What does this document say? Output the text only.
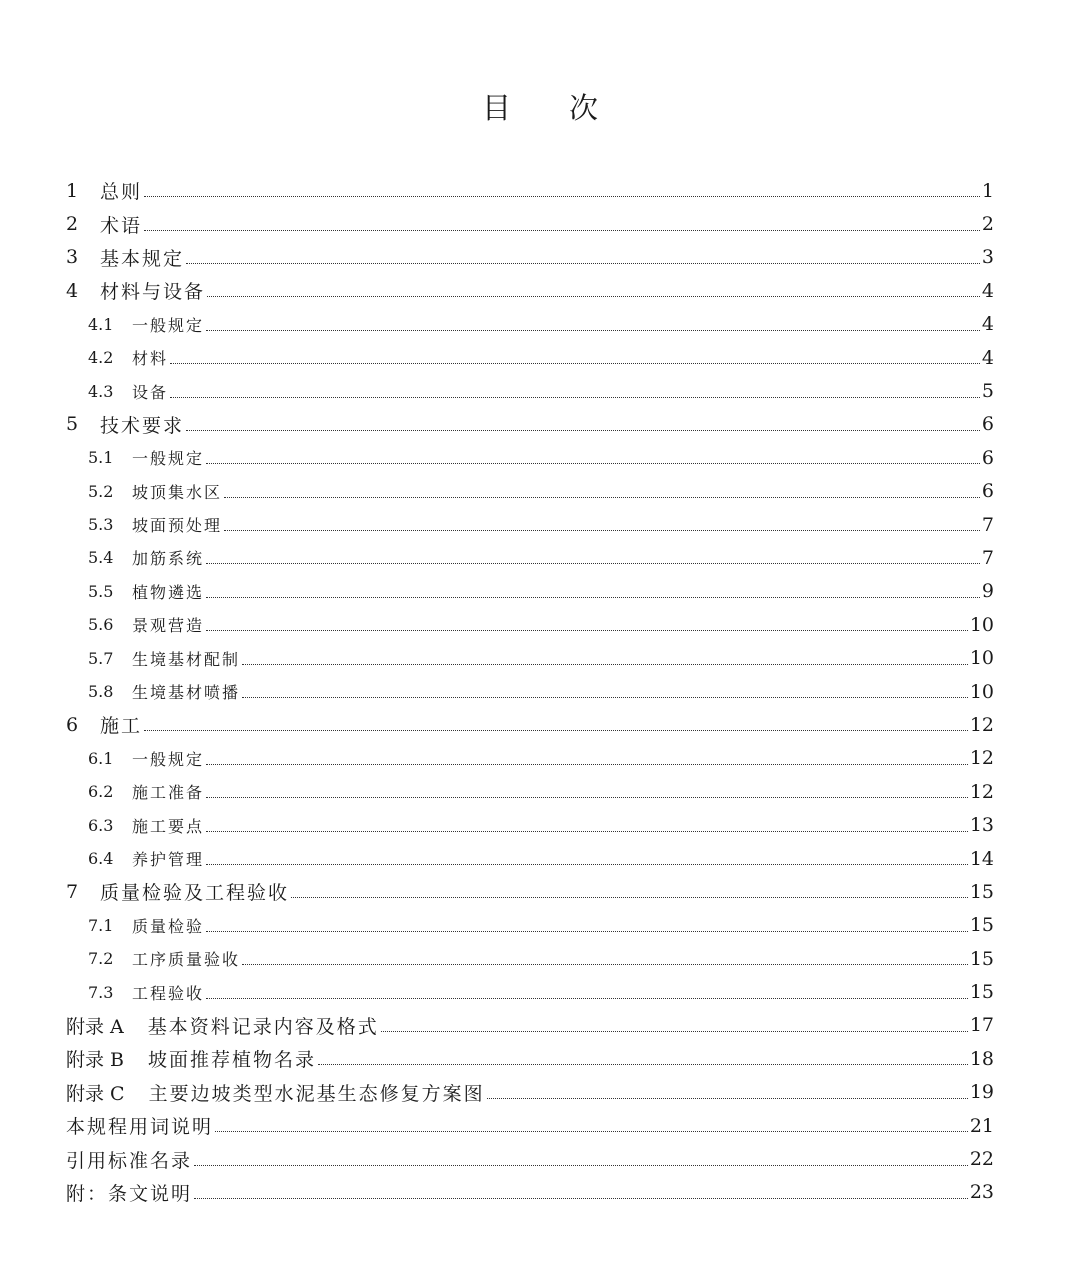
目 次
1	总则	1
2	术语	2
3	基本规定	3
4	材料与设备	4
4.1	一般规定	4
4.2	材料	4
4.3	设备	5
5	技术要求	6
5.1	一般规定	6
5.2	坡顶集水区	6
5.3	坡面预处理	7
5.4	加筋系统	7
5.5	植物遴选	9
5.6	景观营造	10
5.7	生境基材配制	10
5.8	生境基材喷播	10
6	施工	12
6.1	一般规定	12
6.2	施工准备	12
6.3	施工要点	13
6.4	养护管理	14
7	质量检验及工程验收	15
7.1	质量检验	15
7.2	工序质量验收	15
7.3	工程验收	15
附录 A 基本资料记录内容及格式	17
附录 B 坡面推荐植物名录	18
附录 C 主要边坡类型水泥基生态修复方案图	19
本规程用词说明	21
引用标准名录	22
附：条文说明	23
